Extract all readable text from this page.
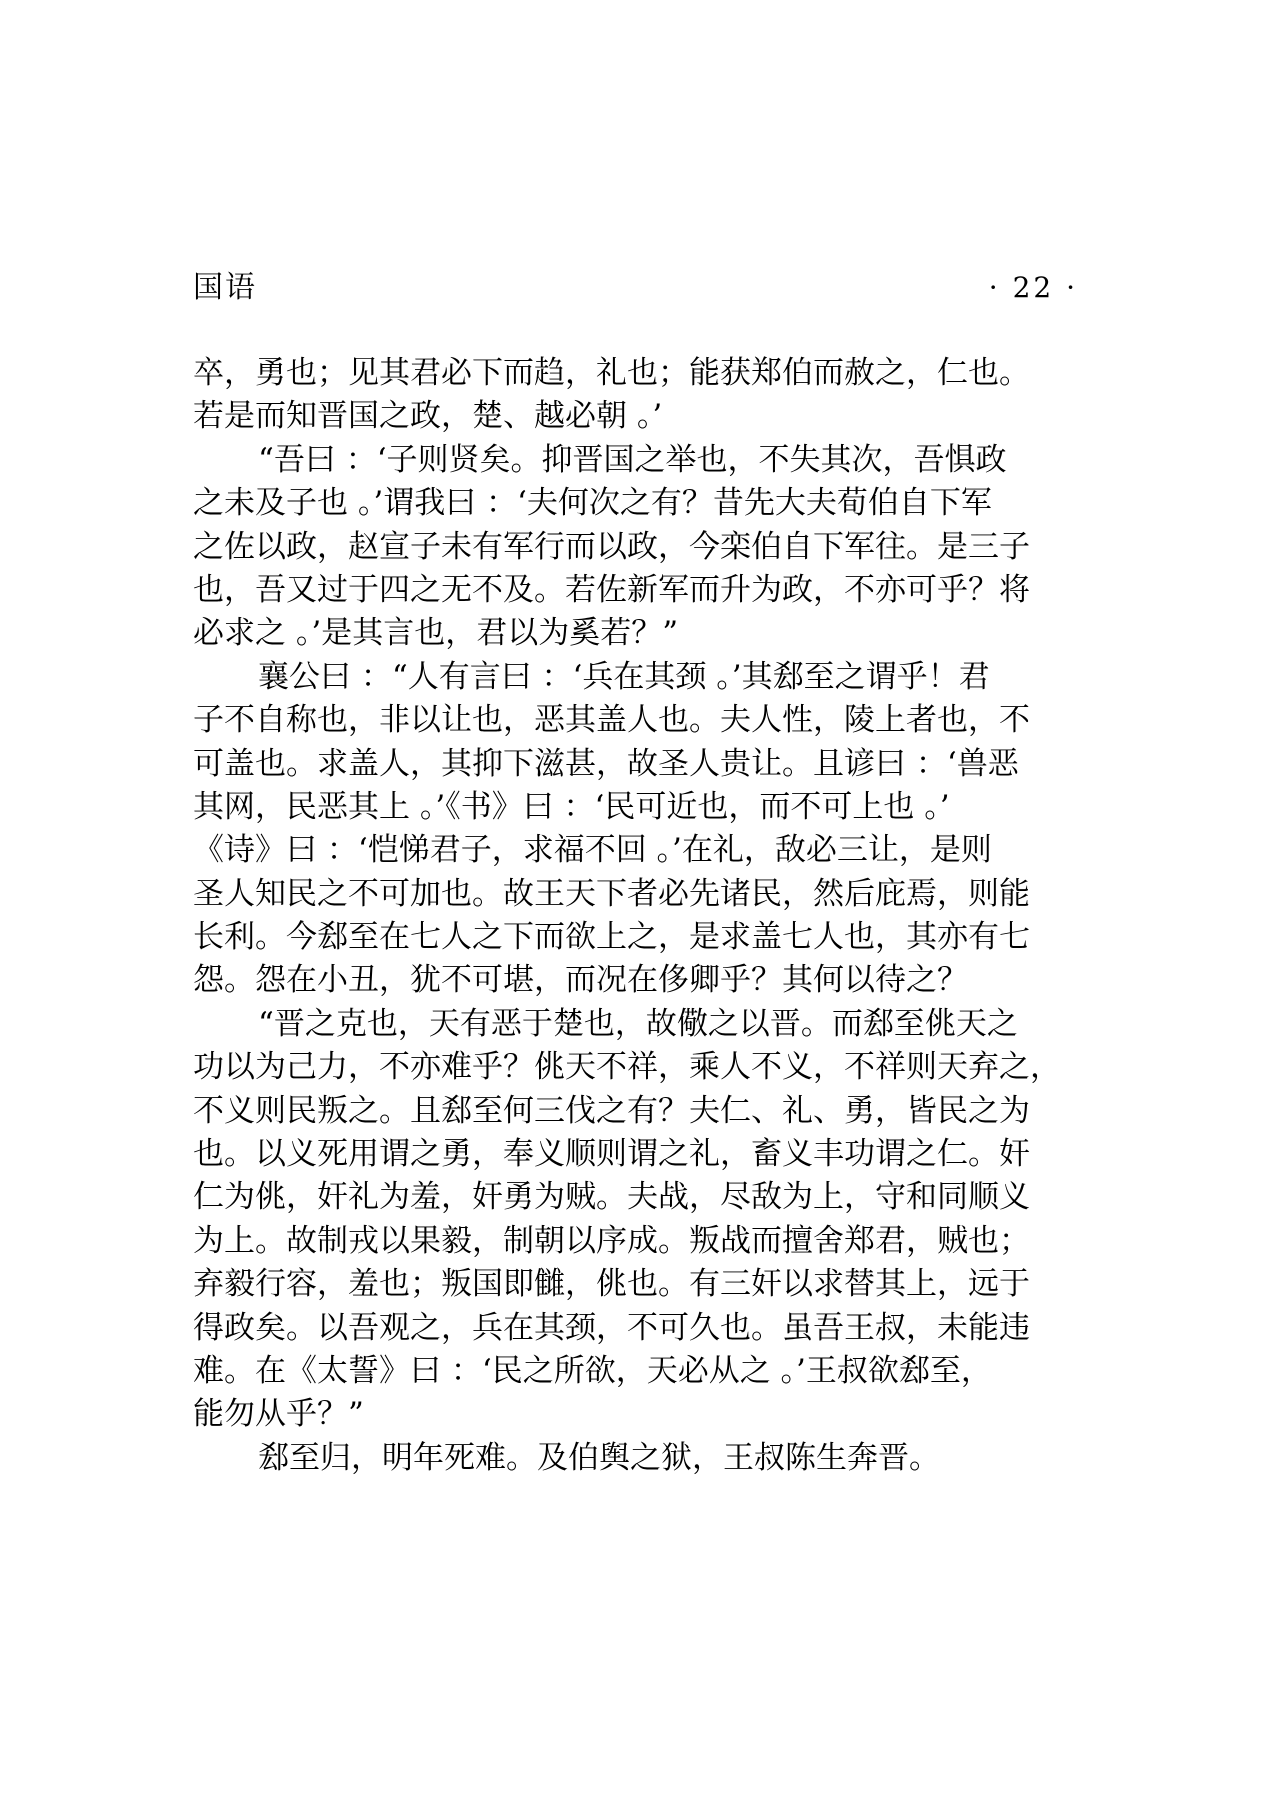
国语	· 22 ·
卒，勇也；见其君必下而趋，礼也；能获郑伯而赦之，仁也。
若是而知晋国之政，楚、越必朝 。’
“吾曰 ：‘子则贤矣。抑晋国之举也，不失其次，吾惧政
之未及子也 。’谓我曰 ：‘夫何次之有？昔先大夫荀伯自下军
之佐以政，赵宣子未有军行而以政，今栾伯自下军往。是三子
也，吾又过于四之无不及。若佐新军而升为政，不亦可乎？将
必求之 。’是其言也，君以为奚若？”
襄公曰 ：“人有言曰 ：‘兵在其颈 。’其郄至之谓乎！君
子不自称也，非以让也，恶其盖人也。夫人性，陵上者也，不
可盖也。求盖人，其抑下滋甚，故圣人贵让。且谚曰 ：‘兽恶
其网，民恶其上 。’《书》曰 ：‘民可近也，而不可上也 。’
《诗》曰 ：‘恺悌君子，求福不回 。’在礼，敌必三让，是则
圣人知民之不可加也。故王天下者必先诸民，然后庇焉，则能
长利。今郄至在七人之下而欲上之，是求盖七人也，其亦有七
怨。怨在小丑，犹不可堪，而况在侈卿乎？其何以待之？
“晋之克也，天有恶于楚也，故儆之以晋。而郄至佻天之
功以为己力，不亦难乎？佻天不祥，乘人不义，不祥则天弃之，
不义则民叛之。且郄至何三伐之有？夫仁、礼、勇，皆民之为
也。以义死用谓之勇，奉义顺则谓之礼，畜义丰功谓之仁。奸
仁为佻，奸礼为羞，奸勇为贼。夫战，尽敌为上，守和同顺义
为上。故制戎以果毅，制朝以序成。叛战而擅舍郑君，贼也；
弃毅行容，羞也；叛国即雠，佻也。有三奸以求替其上，远于
得政矣。以吾观之，兵在其颈，不可久也。虽吾王叔，未能违
难。在《太誓》曰 ：‘民之所欲，天必从之 。’王叔欲郄至，
能勿从乎？”
郄至归，明年死难。及伯舆之狱，王叔陈生奔晋。
